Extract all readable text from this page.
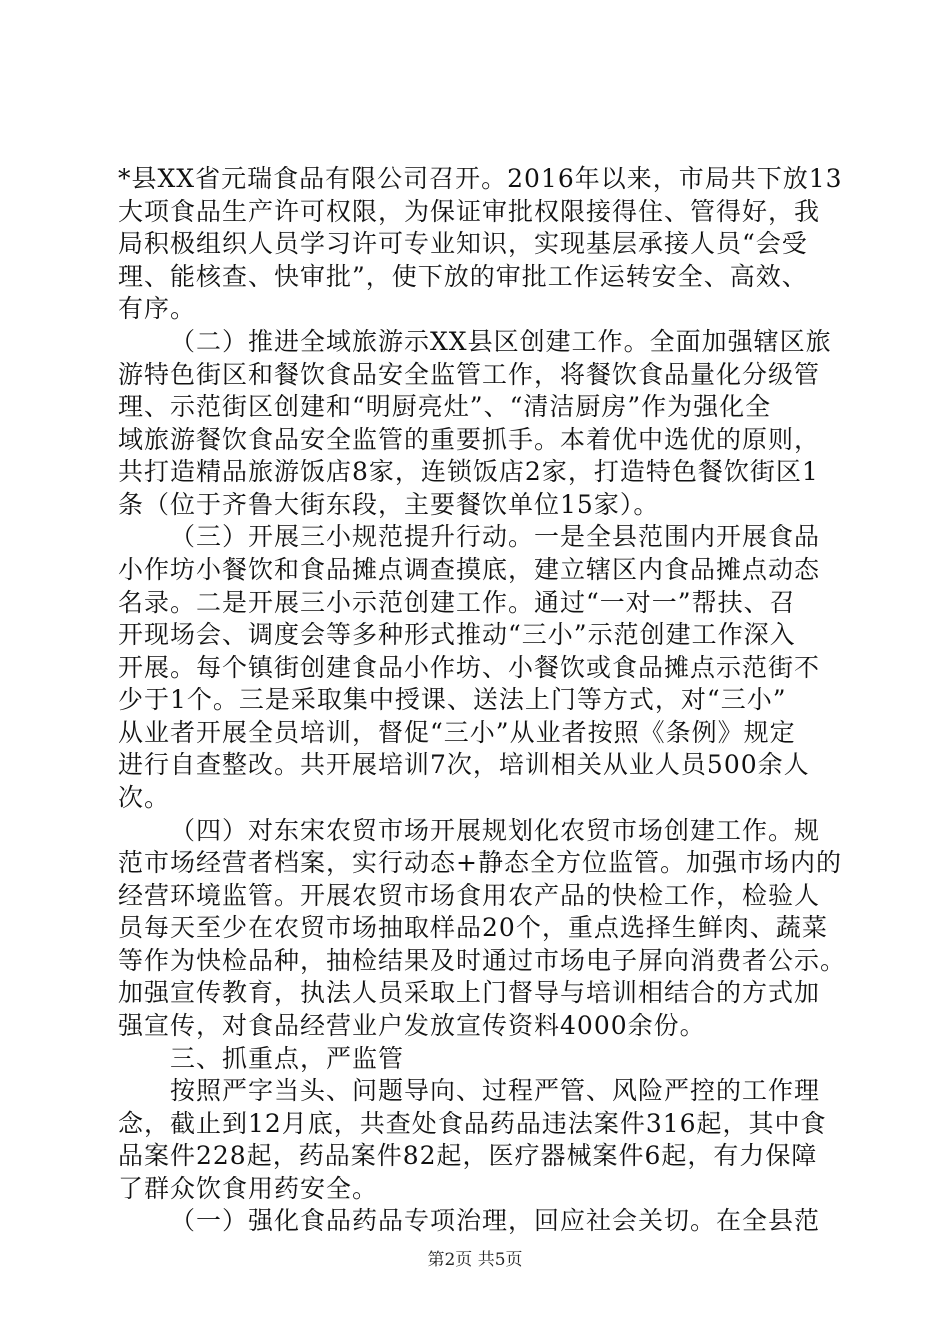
*县XX省元瑞食品有限公司召开。2016年以来，市局共下放13
大项食品生产许可权限，为保证审批权限接得住、管得好，我
局积极组织人员学习许可专业知识，实现基层承接人员“会受
理、能核查、快审批”，使下放的审批工作运转安全、高效、
有序。
（二）推进全域旅游示XX县区创建工作。全面加强辖区旅
游特色街区和餐饮食品安全监管工作，将餐饮食品量化分级管
理、示范街区创建和“明厨亮灶”、“清洁厨房”作为强化全
域旅游餐饮食品安全监管的重要抓手。本着优中选优的原则，
共打造精品旅游饭店8家，连锁饭店2家，打造特色餐饮街区1
条（位于齐鲁大街东段，主要餐饮单位15家）。
（三）开展三小规范提升行动。一是全县范围内开展食品
小作坊小餐饮和食品摊点调查摸底，建立辖区内食品摊点动态
名录。二是开展三小示范创建工作。通过“一对一”帮扶、召
开现场会、调度会等多种形式推动“三小”示范创建工作深入
开展。每个镇街创建食品小作坊、小餐饮或食品摊点示范街不
少于1个。三是采取集中授课、送法上门等方式，对“三小”
从业者开展全员培训，督促“三小”从业者按照《条例》规定
进行自查整改。共开展培训7次，培训相关从业人员500余人
次。
（四）对东宋农贸市场开展规划化农贸市场创建工作。规
范市场经营者档案，实行动态+静态全方位监管。加强市场内的
经营环境监管。开展农贸市场食用农产品的快检工作，检验人
员每天至少在农贸市场抽取样品20个，重点选择生鲜肉、蔬菜
等作为快检品种，抽检结果及时通过市场电子屏向消费者公示。
加强宣传教育，执法人员采取上门督导与培训相结合的方式加
强宣传，对食品经营业户发放宣传资料4000余份。
三、抓重点，严监管
按照严字当头、问题导向、过程严管、风险严控的工作理
念，截止到12月底，共查处食品药品违法案件316起，其中食
品案件228起，药品案件82起，医疗器械案件6起，有力保障
了群众饮食用药安全。
（一）强化食品药品专项治理，回应社会关切。在全县范
第2页 共5页
